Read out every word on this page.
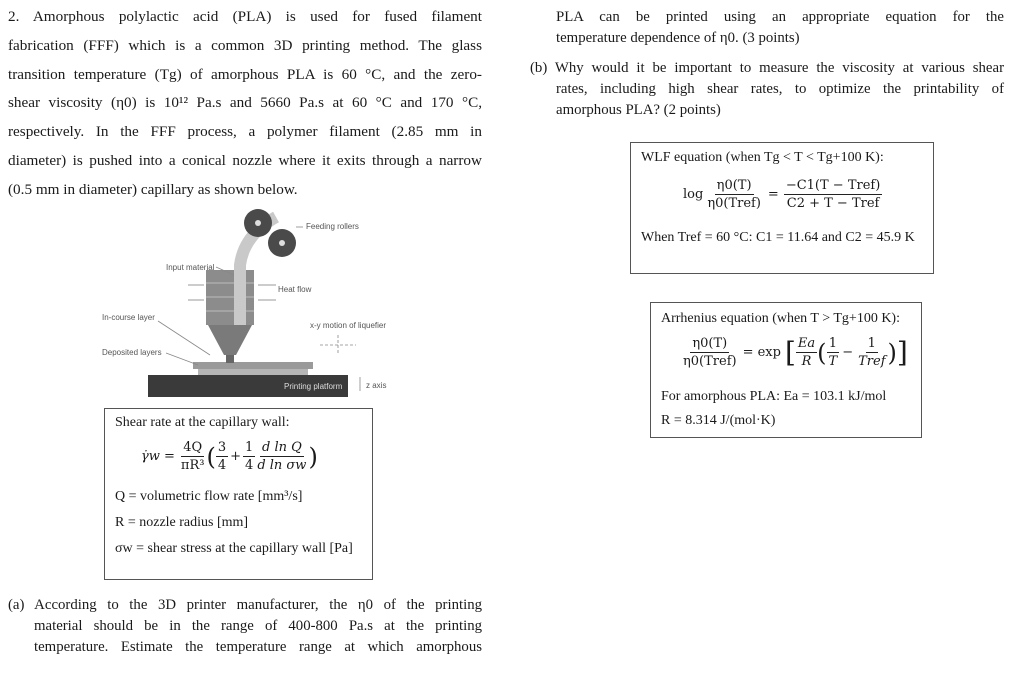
2. Amorphous polylactic acid (PLA) is used for fused filament
fabrication (FFF) which is a common 3D printing method. The glass
transition temperature (Tg) of amorphous PLA is 60 °C, and the zero-
shear viscosity (η0) is 10¹² Pa.s and 5660 Pa.s at 60 °C and 170 °C,
respectively. In the FFF process, a polymer filament (2.85 mm in
diameter) is pushed into a conical nozzle where it exits through a narrow
(0.5 mm in diameter) capillary as shown below.
Feeding rollers
Input material
Heat flow
In-course layer
x-y motion of liquefier
Deposited layers
Printing platform	z axis
Shear rate at the capillary wall:
γ̇w = $\frac{4Q}{\text{πR³}}$ ( $\frac{3}{4} + \frac{1}{4} \frac{\text{d ln Q}}{\text{d ln σw}}$ )
Q = volumetric flow rate [mm³/s]
R = nozzle radius [mm]
σw = shear stress at the capillary wall [Pa]
(a) According to the 3D printer manufacturer, the η0 of the printing
material should be in the range of 400-800 Pa.s at the printing
temperature. Estimate the temperature range at which amorphous
PLA can be printed using an appropriate equation for the
temperature dependence of η0. (3 points)
(b) Why would it be important to measure the viscosity at various shear
rates, including high shear rates, to optimize the printability of
amorphous PLA? (2 points)
WLF equation (when Tg < T < Tg+100 K):
$\log \frac{\eta 0(T)}{\text{η0(Tref)}} = \frac{\text{−C1(T − Tref)}}{\text{C2 + T − Tref}}$
When Tref = 60 °C: C1 = 11.64 and C2 = 45.9 K
Arrhenius equation (when T > Tg+100 K):
$\frac{\eta 0(T)}{\text{η0(Tref)}} = \exp$ [ $\frac{Ea}{R}$ ( $\frac{1}{T} - \frac{1}{\text{Tref}}$ ) ]
For amorphous PLA: Ea = 103.1 kJ/mol
R = 8.314 J/(mol·K)
